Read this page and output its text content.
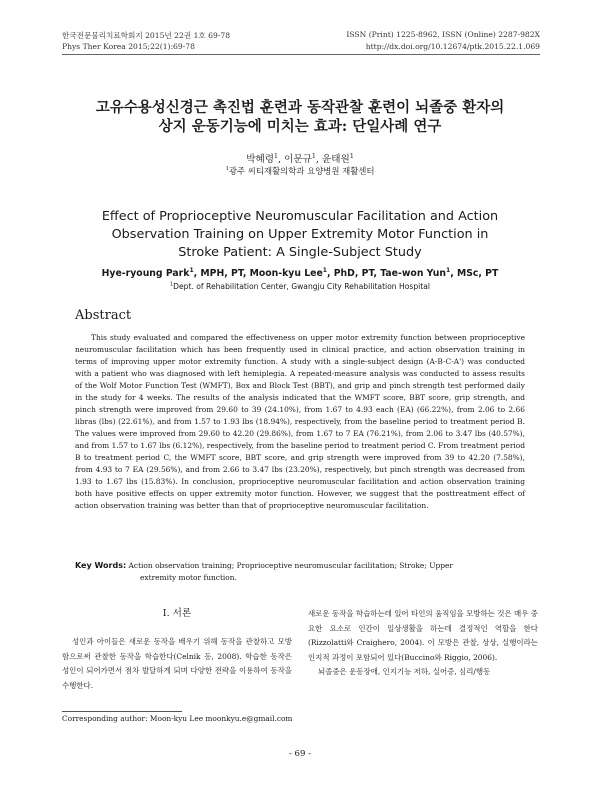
한국전문물리치료학회지 2015년 22권 1호 69-78	ISSN (Print) 1225-8962, ISSN (Online) 2287-982X
Phys Ther Korea 2015;22(1):69-78	http://dx.doi.org/10.12674/ptk.2015.22.1.069
고유수용성신경근 촉진법 훈련과 동작관찰 훈련이 뇌졸중 환자의
상지 운동기능에 미치는 효과: 단일사례 연구
박혜령$^1$, 이문규$^1$, 윤태원$^1$
$^1$광주 씨티재활의학과 요양병원 재활센터
Effect of Proprioceptive Neuromuscular Facilitation and Action
Observation Training on Upper Extremity Motor Function in
Stroke Patient: A Single-Subject Study
Hye-ryoung Park$^1$, MPH, PT, Moon-kyu Lee$^1$, PhD, PT, Tae-won Yun$^1$, MSc, PT
$^1$Dept. of Rehabilitation Center, Gwangju City Rehabilitation Hospital
Abstract

This study evaluated and compared the effectiveness on upper motor extremity function between proprioceptive neuromuscular facilitation which has been frequently used in clinical practice, and action observation training in terms of improving upper motor extremity function. A study with a single-subject design (A-B-C-A') was conducted with a patient who was diagnosed with left hemiplegia. A repeated-measure analysis was conducted to assess results of the Wolf Motor Function Test (WMFT), Box and Block Test (BBT), and grip and pinch strength test performed daily in the study for 4 weeks. The results of the analysis indicated that the WMFT score, BBT score, grip strength, and pinch strength were improved from 29.60 to 39 (24.10%), from 1.67 to 4.93 each (EA) (66.22%), from 2.06 to 2.66 libras (lbs) (22.61%), and from 1.57 to 1.93 lbs (18.94%), respectively, from the baseline period to treatment period B. The values were improved from 29.60 to 42.20 (29.86%), from 1.67 to 7 EA (76.21%), from 2.06 to 3.47 lbs (40.57%), and from 1.57 to 1.67 lbs (6.12%), respectively, from the baseline period to treatment period C. From treatment period B to treatment period C, the WMFT score, BBT score, and grip strength were improved from 39 to 42.20 (7.58%), from 4.93 to 7 EA (29.56%), and from 2.66 to 3.47 lbs (23.20%), respectively, but pinch strength was decreased from 1.93 to 1.67 lbs (15.83%). In conclusion, proprioceptive neuromuscular facilitation and action observation training both have positive effects on upper extremity motor function. However, we suggest that the posttreatment effect of action observation training was better than that of proprioceptive neuromuscular facilitation.

Key Words: Action observation training; Proprioceptive neuromuscular facilitation; Stroke; Upper
extremity motor function.
Ⅰ. 서론

성인과 아이들은 새로운 동작을 배우기 위해 동작을 관찰하고 모방함으로써 관찰한 동작을 학습한다(Celnik 등, 2008). 학습한 동작은 성인이 되어가면서 점차 발달하게 되며 다양한 전략을 이용하여 동작을 수행한다.

새로운 동작을 학습하는데 있어 타인의 움직임을 모방하는 것은 매우 중요한 요소로 인간이 일상생활을 하는데 결정적인 역할을 한다(Rizzolatti와 Craighero, 2004). 이 모방은 관찰, 상상, 실행이라는 인지적 과정이 포함되어 있다(Buccino와 Riggio, 2006).

뇌졸중은 운동장애, 인지기능 저하, 실어증, 심리/행동

Corresponding author: Moon-kyu Lee moonkyu.e@gmail.com
- 69 -
